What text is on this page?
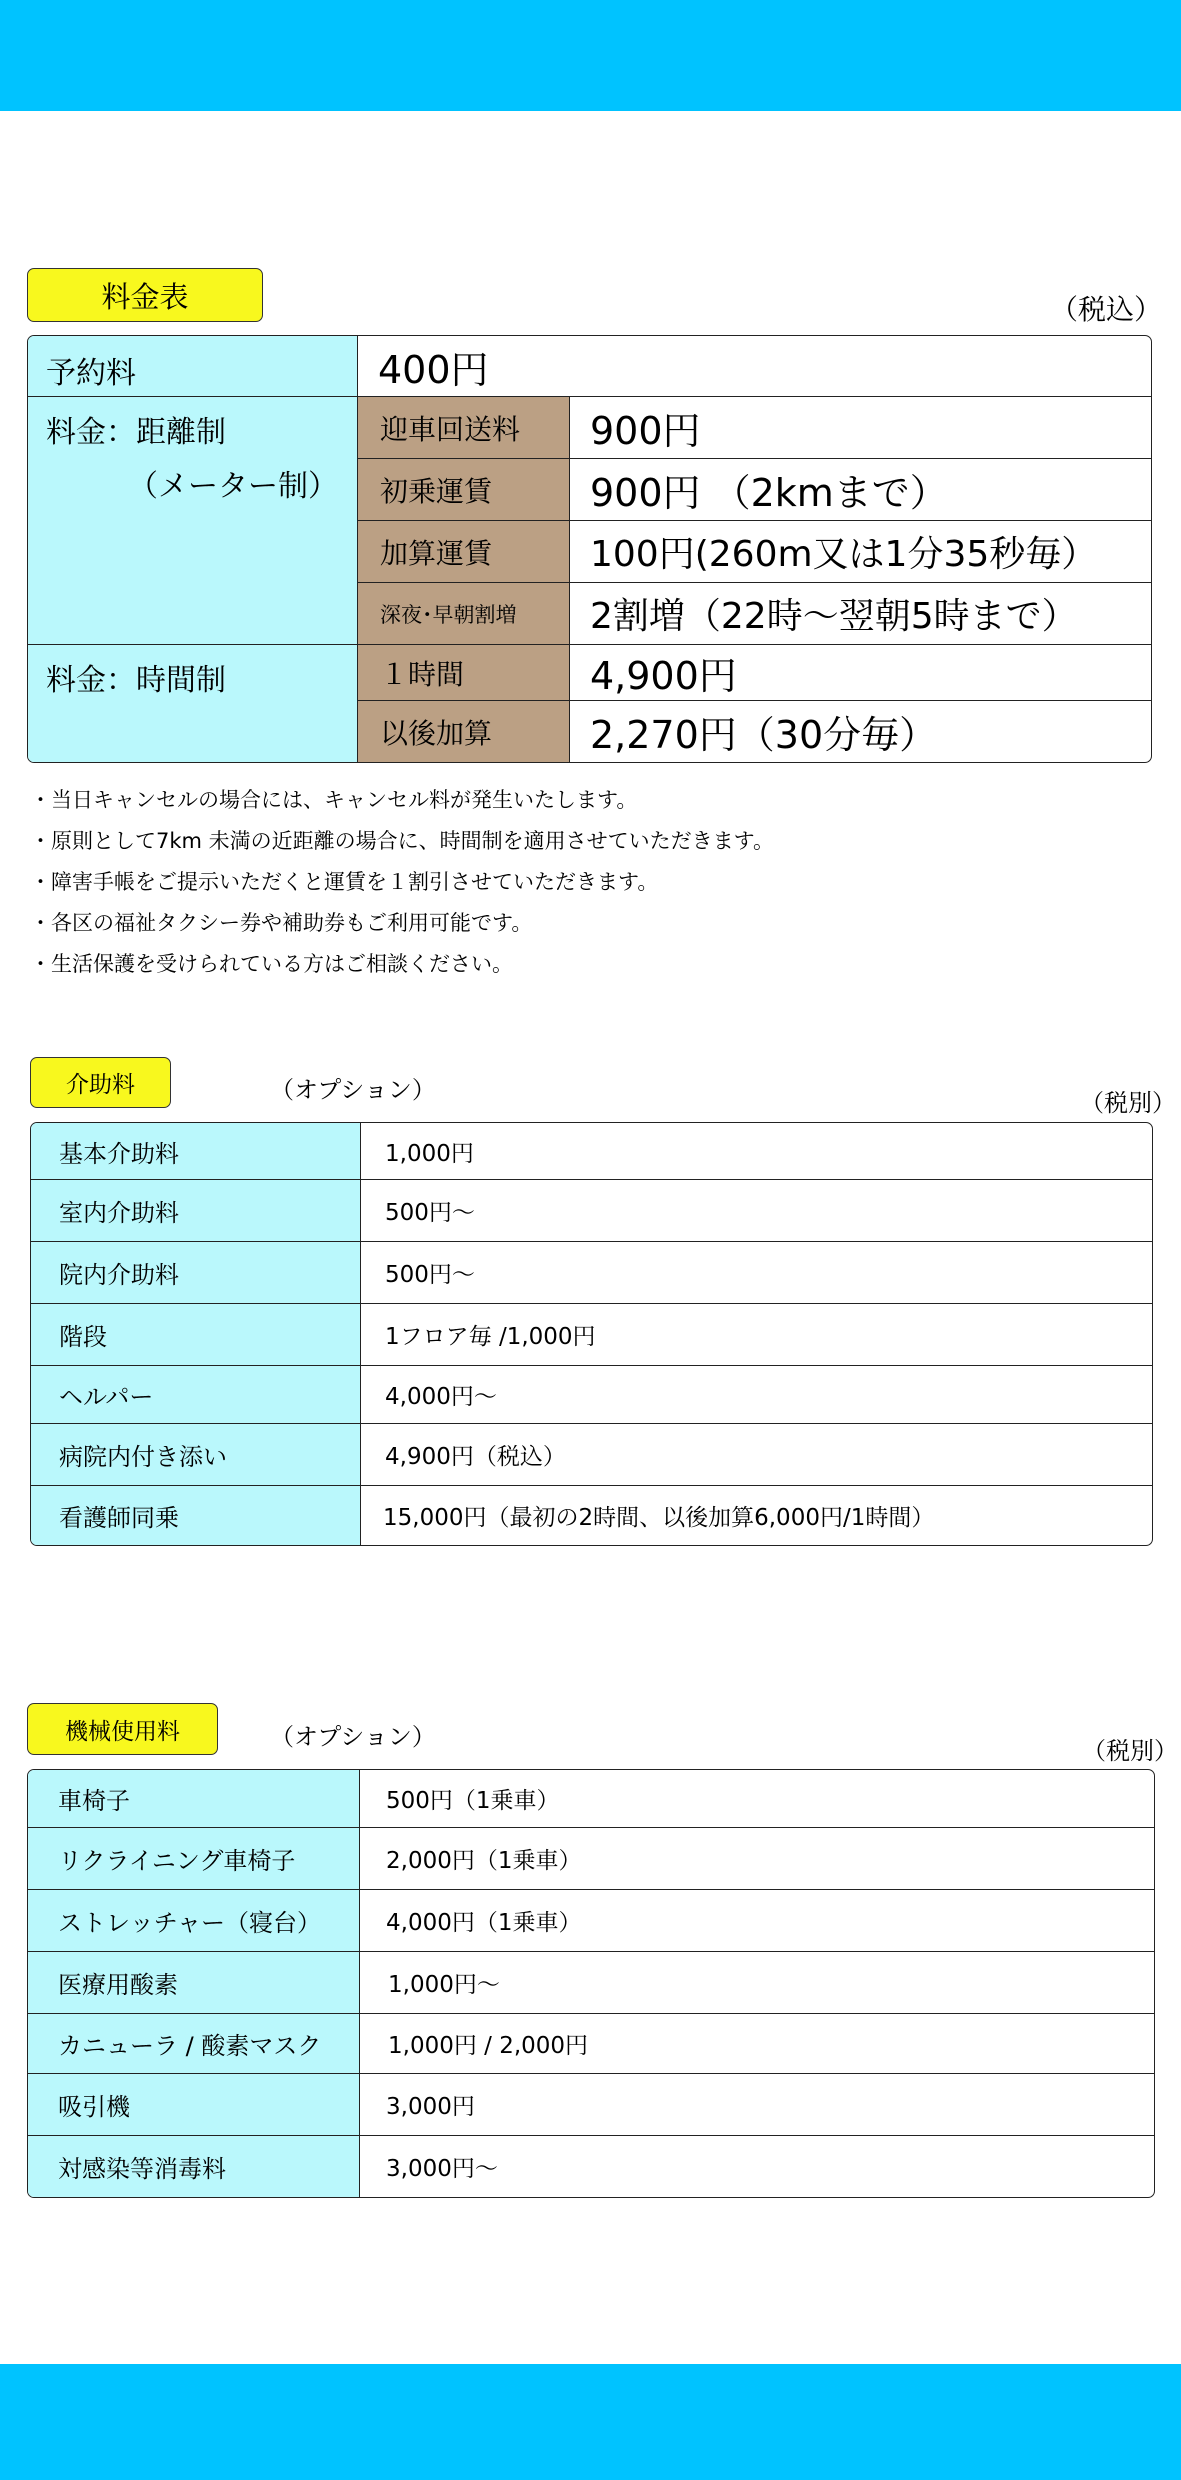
料金表	（税込）
予約料	400円	

料金：距離制
（メーター制）	迎車回送料	900円
	初乗運賃	900円 （2kmまで）
	加算運賃	100円(260m又は1分35秒毎）
	深夜･早朝割増	2割増（22時～翌朝5時まで）
料金：時間制	１時間	4,900円
	以後加算	2,270円（30分毎）
・当日キャンセルの場合には、キャンセル料が発生いたします。
・原則として7km 未満の近距離の場合に、時間制を適用させていただきます。
・障害手帳をご提示いただくと運賃を１割引させていただきます。
・各区の福祉タクシー券や補助券もご利用可能です。
・生活保護を受けられている方はご相談ください。
介助料	（オプション）	（税別）
基本介助料	1,000円
室内介助料	500円～
院内介助料	500円～
階段	1フロア毎 /1,000円
ヘルパー	4,000円～
病院内付き添い	4,900円（税込）
看護師同乗	15,000円（最初の2時間、以後加算6,000円/1時間）
機械使用料	（オプション）	（税別）
車椅子	500円（1乗車）
リクライニング車椅子	2,000円（1乗車）
ストレッチャー（寝台）	4,000円（1乗車）
医療用酸素	1,000円～
カニューラ / 酸素マスク	1,000円 / 2,000円
吸引機	3,000円
対感染等消毒料	3,000円～
